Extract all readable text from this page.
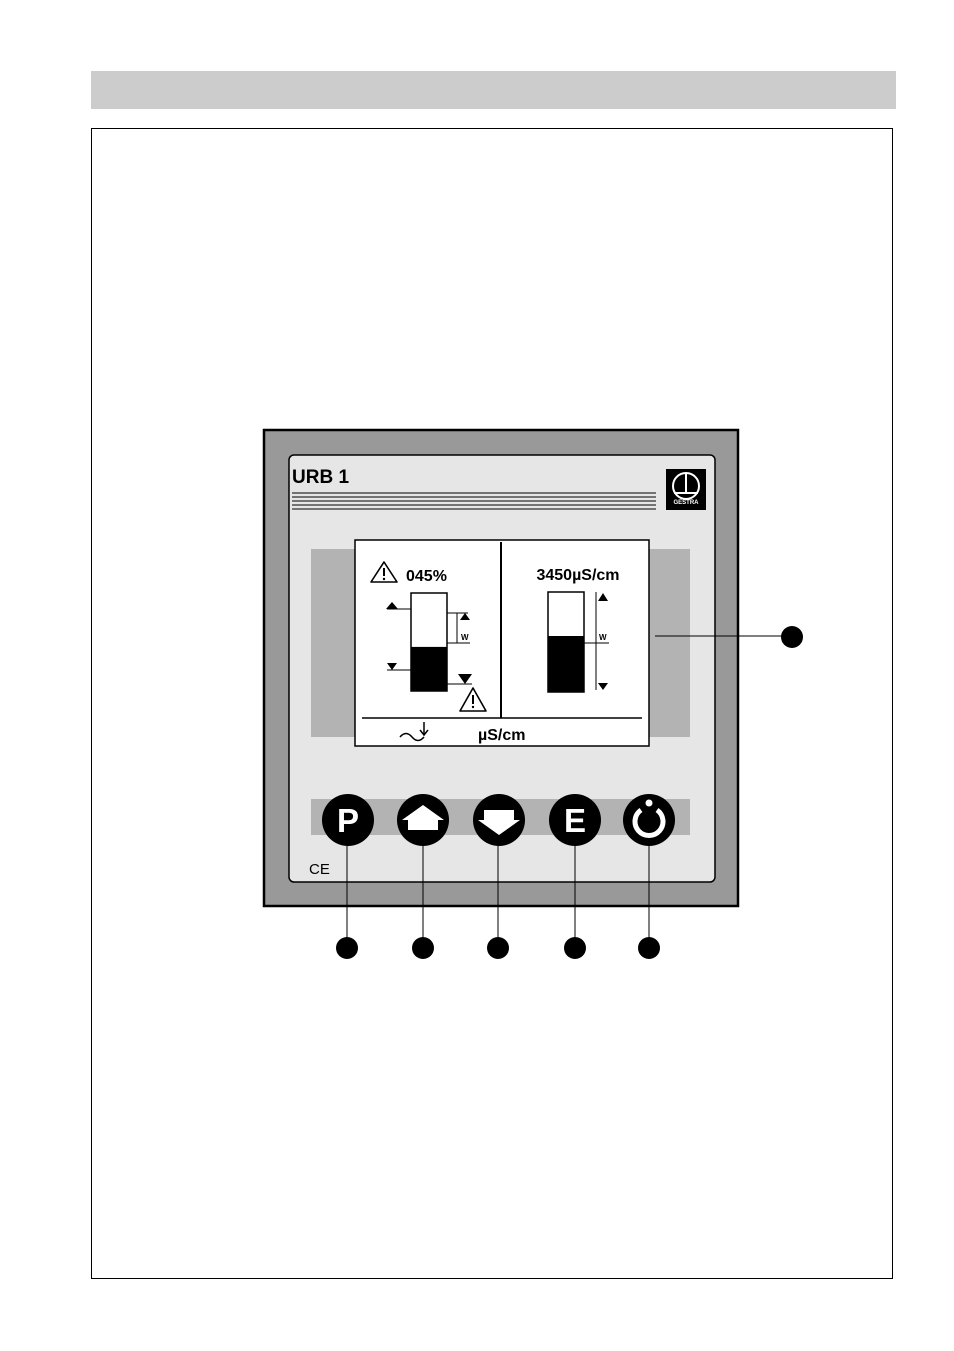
URB 1
GESTRA
045%
W
3450µS/cm
W
µS/cm
P	E
CE
